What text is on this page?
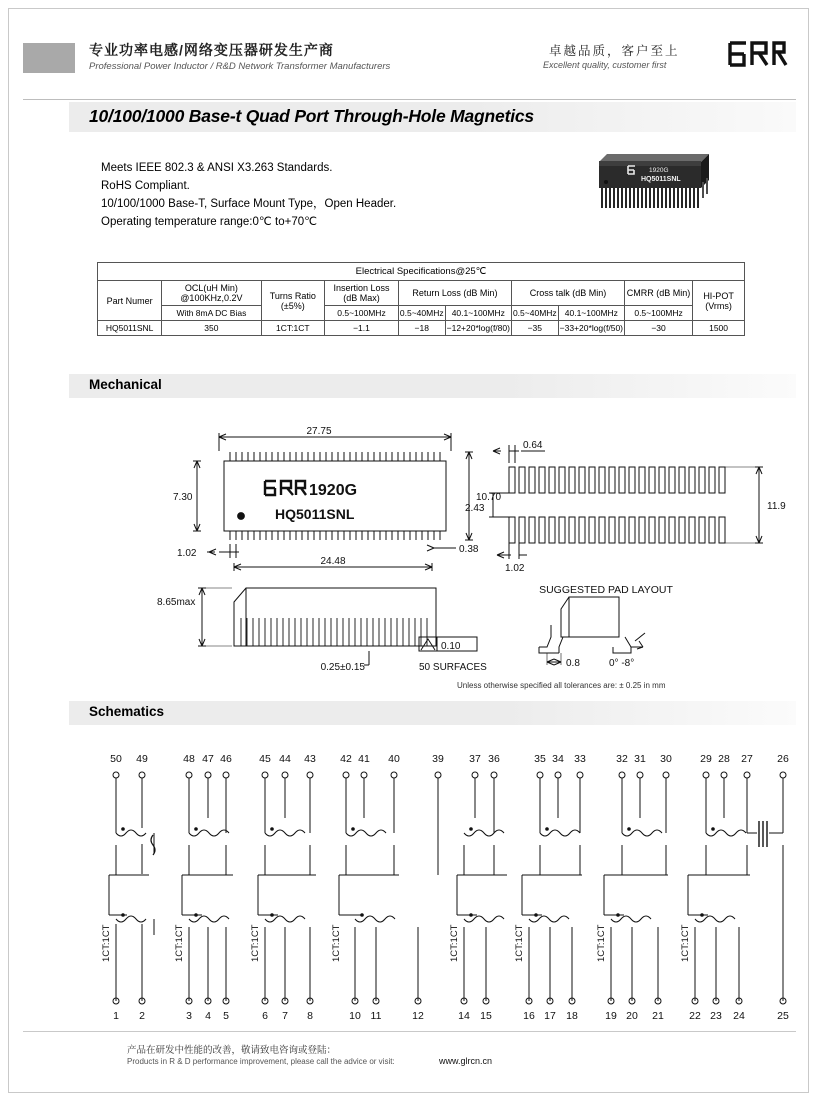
专业功率电感/网络变压器研发生产商
Professional Power Inductor / R&D Network Transformer Manufacturers
卓越品质，客户至上
Excellent quality, customer first
10/100/1000 Base-t Quad Port Through-Hole Magnetics
Meets IEEE 802.3 & ANSI X3.263 Standards.
RoHS Compliant.
10/100/1000 Base-T, Surface Mount Type，Open Header.
Operating temperature range:0℃ to+70℃
1920G
HQ5011SNL
Electrical Specifications@25℃									
Part Numer	OCL(uH Min) @100KHz,0.2V	Turns Ratio (±5%)	Insertion Loss (dB Max)	Return Loss (dB Min)		Cross talk (dB Min)		CMRR (dB Min)	HI-POT (Vrms)
	With 8mA DC Bias		0.5~100MHz	0.5~40MHz	40.1~100MHz	0.5~40MHz	40.1~100MHz	0.5~100MHz	
HQ5011SNL	350	1CT:1CT	−1.1	−18	−12+20*log(f/80)	−35	−33+20*log(f/50)	−30	1500
Mechanical
27.75
24.48
7.30	10.70
1.02	0.38
1920G
HQ5011SNL
8.65max
0.25±0.15
0.10
50 SURFACES
0.64
2.43
1.02
11.9
SUGGESTED PAD LAYOUT
0.8	0° -8°
Unless otherwise specified all tolerances are: ± 0.25 in mm
Schematics
50 49	48 47 46	45 44 43 42 41 40	39 37 36	35 34 33	32 31 30	29 28 27 26
1 2	3 4 5	6 7 8	10 11	12	14 15	16 17 18	19 20 21 22 23 24	25
1CT:1CT	1CT:1CT	1CT:1CT	1CT:1CT	1CT:1CT	1CT:1CT	1CT:1CT	1CT:1CT
产品在研发中性能的改善，敬请致电咨询或登陆：
Products in R & D performance improvement, please call the advice or visit:	www.glrcn.cn
